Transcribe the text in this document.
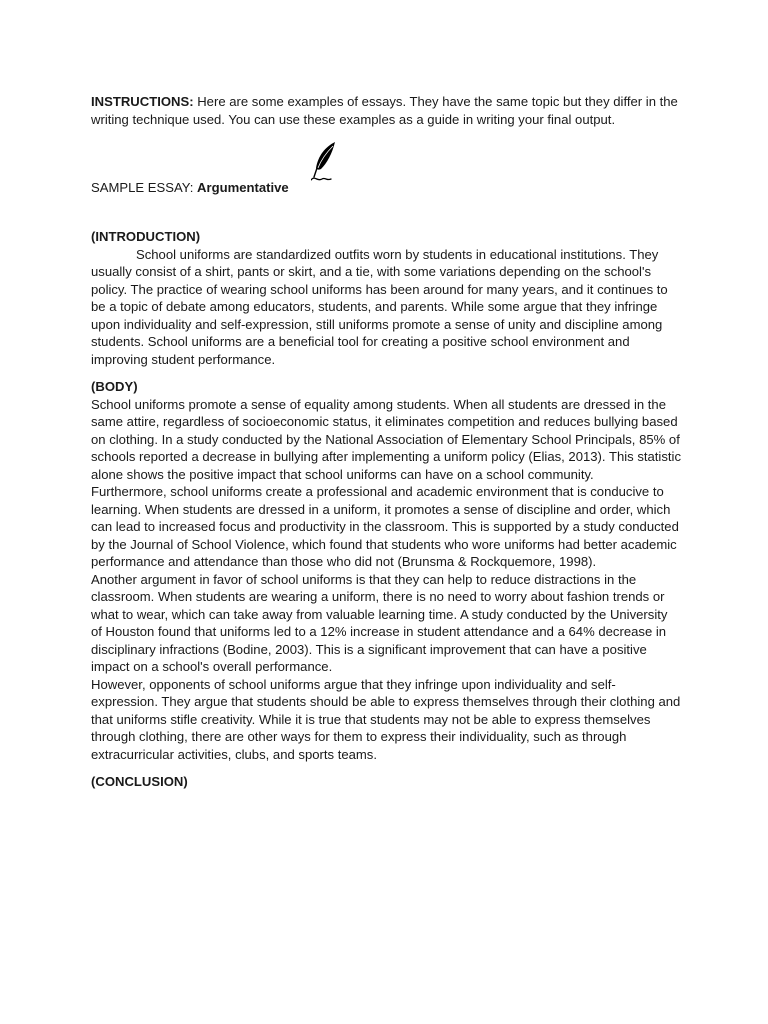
INSTRUCTIONS: Here are some examples of essays. They have the same topic but they differ in the writing technique used. You can use these examples as a guide in writing your final output.

SAMPLE ESSAY: Argumentative

(INTRODUCTION)

School uniforms are standardized outfits worn by students in educational institutions. They usually consist of a shirt, pants or skirt, and a tie, with some variations depending on the school's policy. The practice of wearing school uniforms has been around for many years, and it continues to be a topic of debate among educators, students, and parents. While some argue that they infringe upon individuality and self-expression, still uniforms promote a sense of unity and discipline among students. School uniforms are a beneficial tool for creating a positive school environment and improving student performance.

(BODY)

School uniforms promote a sense of equality among students. When all students are dressed in the same attire, regardless of socioeconomic status, it eliminates competition and reduces bullying based on clothing. In a study conducted by the National Association of Elementary School Principals, 85% of schools reported a decrease in bullying after implementing a uniform policy (Elias, 2013). This statistic alone shows the positive impact that school uniforms can have on a school community.

Furthermore, school uniforms create a professional and academic environment that is conducive to learning. When students are dressed in a uniform, it promotes a sense of discipline and order, which can lead to increased focus and productivity in the classroom. This is supported by a study conducted by the Journal of School Violence, which found that students who wore uniforms had better academic performance and attendance than those who did not (Brunsma & Rockquemore, 1998).

Another argument in favor of school uniforms is that they can help to reduce distractions in the classroom. When students are wearing a uniform, there is no need to worry about fashion trends or what to wear, which can take away from valuable learning time. A study conducted by the University of Houston found that uniforms led to a 12% increase in student attendance and a 64% decrease in disciplinary infractions (Bodine, 2003). This is a significant improvement that can have a positive impact on a school's overall performance.

However, opponents of school uniforms argue that they infringe upon individuality and self-expression. They argue that students should be able to express themselves through their clothing and that uniforms stifle creativity. While it is true that students may not be able to express themselves through clothing, there are other ways for them to express their individuality, such as through extracurricular activities, clubs, and sports teams.

(CONCLUSION)
